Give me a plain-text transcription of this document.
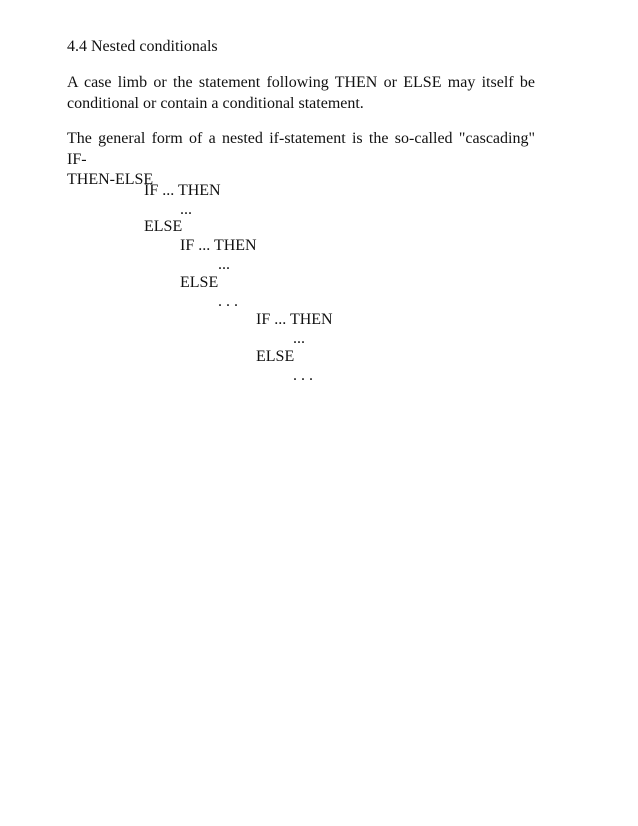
4.4 Nested conditionals
A case limb or the statement following THEN or ELSE may itself be
conditional or contain a conditional statement.
The general form of a nested if-statement is the so-called "cascading" IF-
THEN-ELSE
IF ... THEN
...
ELSE
IF ... THEN
...
ELSE
. . .
IF ... THEN
...
ELSE
. . .
